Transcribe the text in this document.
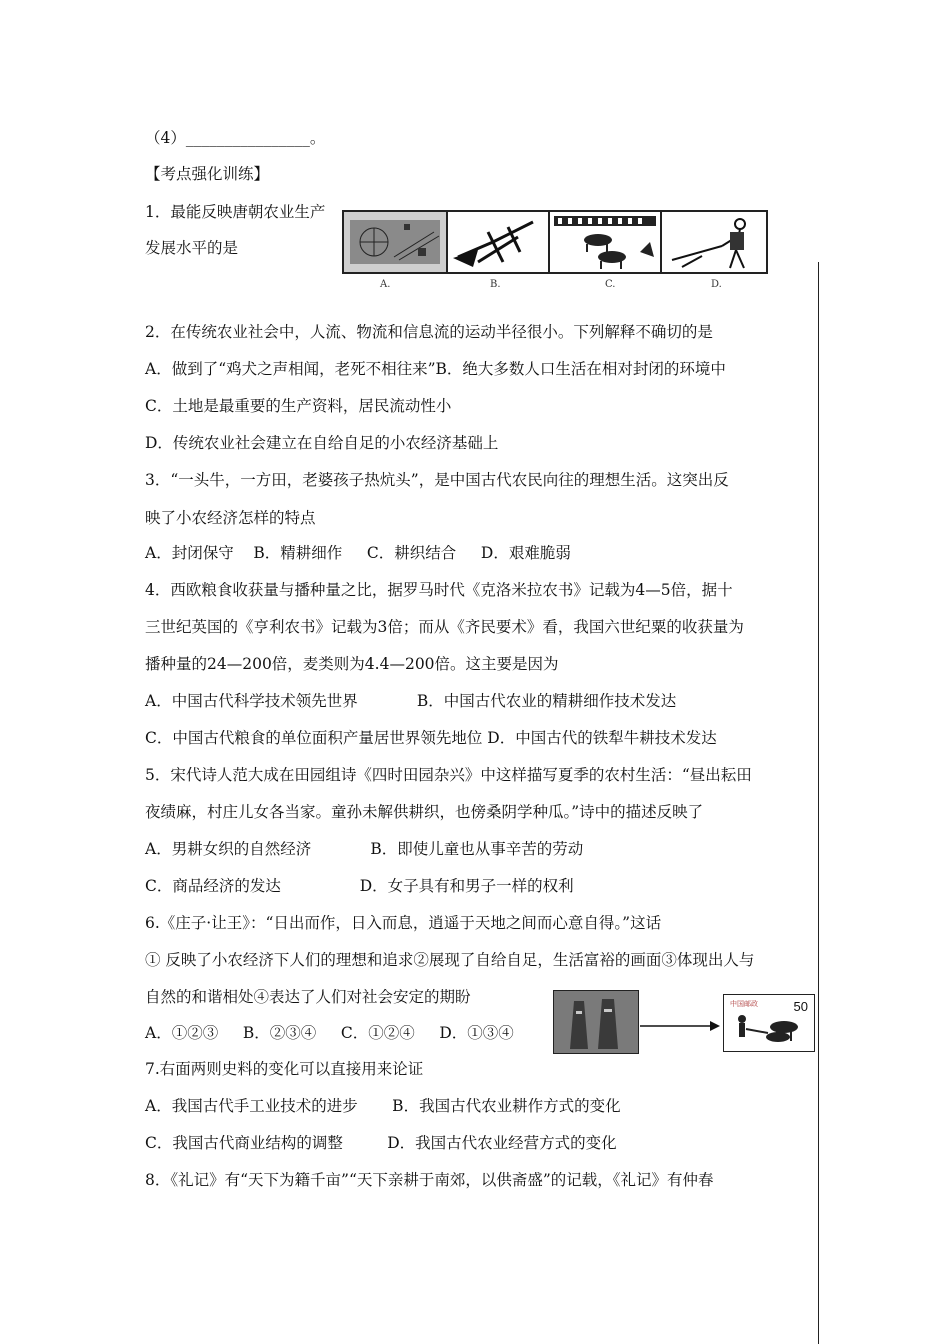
（4）________________。
【考点强化训练】
1．最能反映唐朝农业生产
发展水平的是
2．在传统农业社会中，人流、物流和信息流的运动半径很小。下列解释不确切的是
A．做到了“鸡犬之声相闻，老死不相往来”B．绝大多数人口生活在相对封闭的环境中
C．土地是最重要的生产资料，居民流动性小
D．传统农业社会建立在自给自足的小农经济基础上
3．“一头牛，一方田，老婆孩子热炕头”，是中国古代农民向往的理想生活。这突出反
映了小农经济怎样的特点
A．封闭保守    B．精耕细作     C．耕织结合     D．艰难脆弱
4．西欧粮食收获量与播种量之比，据罗马时代《克洛米拉农书》记载为4—5倍，据十
三世纪英国的《亨利农书》记载为3倍；而从《齐民要术》看，我国六世纪粟的收获量为
播种量的24—200倍，麦类则为4.4—200倍。这主要是因为
A．中国古代科学技术领先世界            B．中国古代农业的精耕细作技术发达
C．中国古代粮食的单位面积产量居世界领先地位 D．中国古代的铁犁牛耕技术发达
5．宋代诗人范大成在田园组诗《四时田园杂兴》中这样描写夏季的农村生活：“昼出耘田
夜绩麻，村庄儿女各当家。童孙未解供耕织，也傍桑阴学种瓜。”诗中的描述反映了
A．男耕女织的自然经济            B．即使儿童也从事辛苦的劳动
C．商品经济的发达                D．女子具有和男子一样的权利
6.《庄子·让王》：“日出而作，日入而息，逍遥于天地之间而心意自得。”这话
① 反映了小农经济下人们的理想和追求②展现了自给自足，生活富裕的画面③体现出人与
自然的和谐相处④表达了人们对社会安定的期盼
A．①②③     B．②③④     C．①②④     D．①③④
7.右面两则史料的变化可以直接用来论证
A．我国古代手工业技术的进步       B．我国古代农业耕作方式的变化
C．我国古代商业结构的调整         D．我国古代农业经营方式的变化
8．《礼记》有“天下为籍千亩”“天下亲耕于南郊，以供斋盛”的记载，《礼记》有仲春
A.	B.	C.	D.
中国邮政	50
